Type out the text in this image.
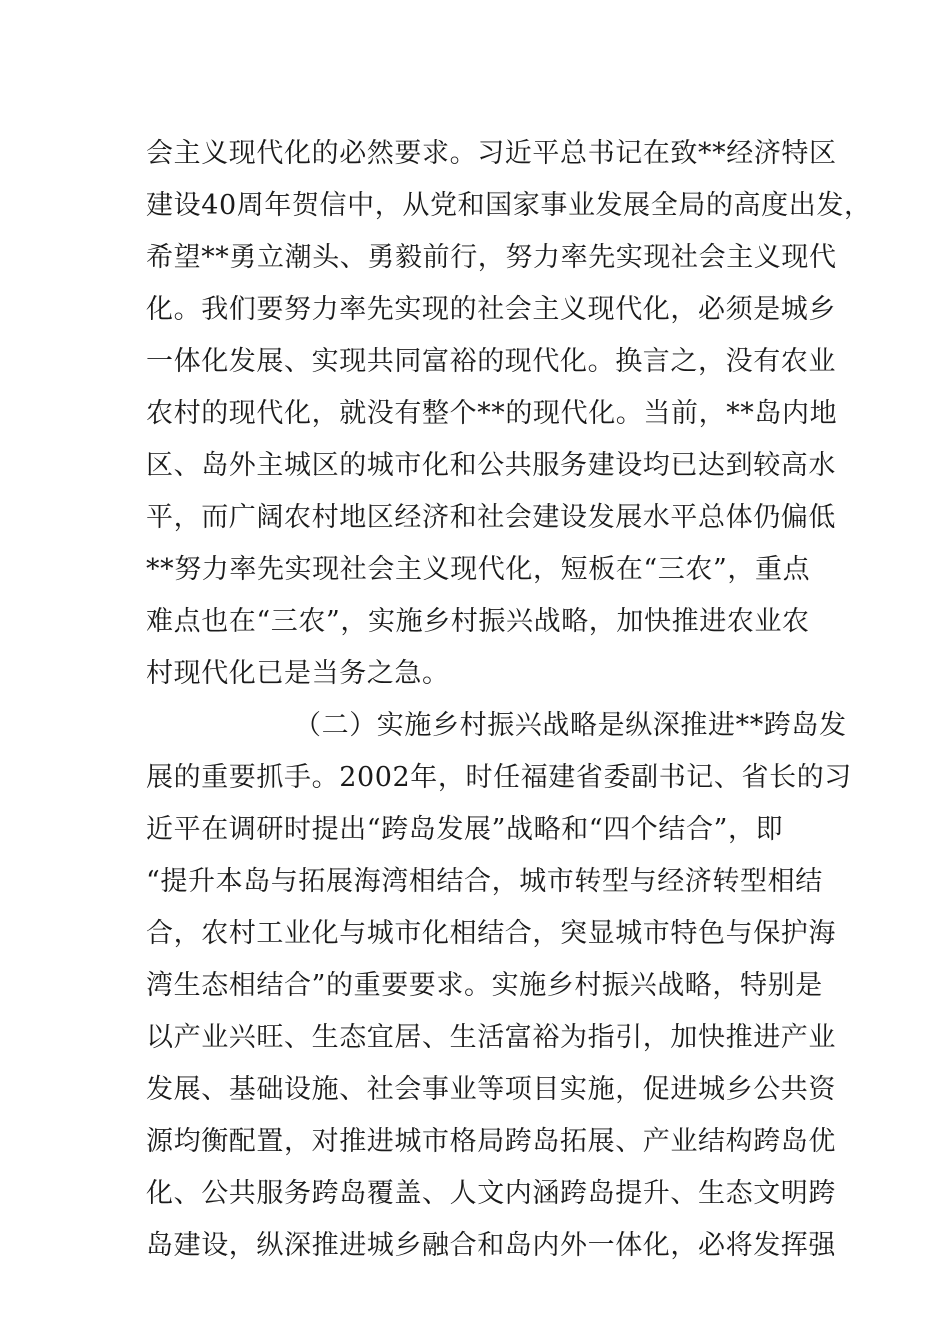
会主义现代化的必然要求。习近平总书记在致**经济特区
建设40周年贺信中，从党和国家事业发展全局的高度出发，
希望**勇立潮头、勇毅前行，努力率先实现社会主义现代
化。我们要努力率先实现的社会主义现代化，必须是城乡
一体化发展、实现共同富裕的现代化。换言之，没有农业
农村的现代化，就没有整个**的现代化。当前，**岛内地
区、岛外主城区的城市化和公共服务建设均已达到较高水
平，而广阔农村地区经济和社会建设发展水平总体仍偏低
**努力率先实现社会主义现代化，短板在“三农”，重点
难点也在“三农”，实施乡村振兴战略，加快推进农业农
村现代化已是当务之急。
（二）实施乡村振兴战略是纵深推进**跨岛发
展的重要抓手。2002年，时任福建省委副书记、省长的习
近平在调研时提出“跨岛发展”战略和“四个结合”，即
“提升本岛与拓展海湾相结合，城市转型与经济转型相结
合，农村工业化与城市化相结合，突显城市特色与保护海
湾生态相结合”的重要要求。实施乡村振兴战略，特别是
以产业兴旺、生态宜居、生活富裕为指引，加快推进产业
发展、基础设施、社会事业等项目实施，促进城乡公共资
源均衡配置，对推进城市格局跨岛拓展、产业结构跨岛优
化、公共服务跨岛覆盖、人文内涵跨岛提升、生态文明跨
岛建设，纵深推进城乡融合和岛内外一体化，必将发挥强
